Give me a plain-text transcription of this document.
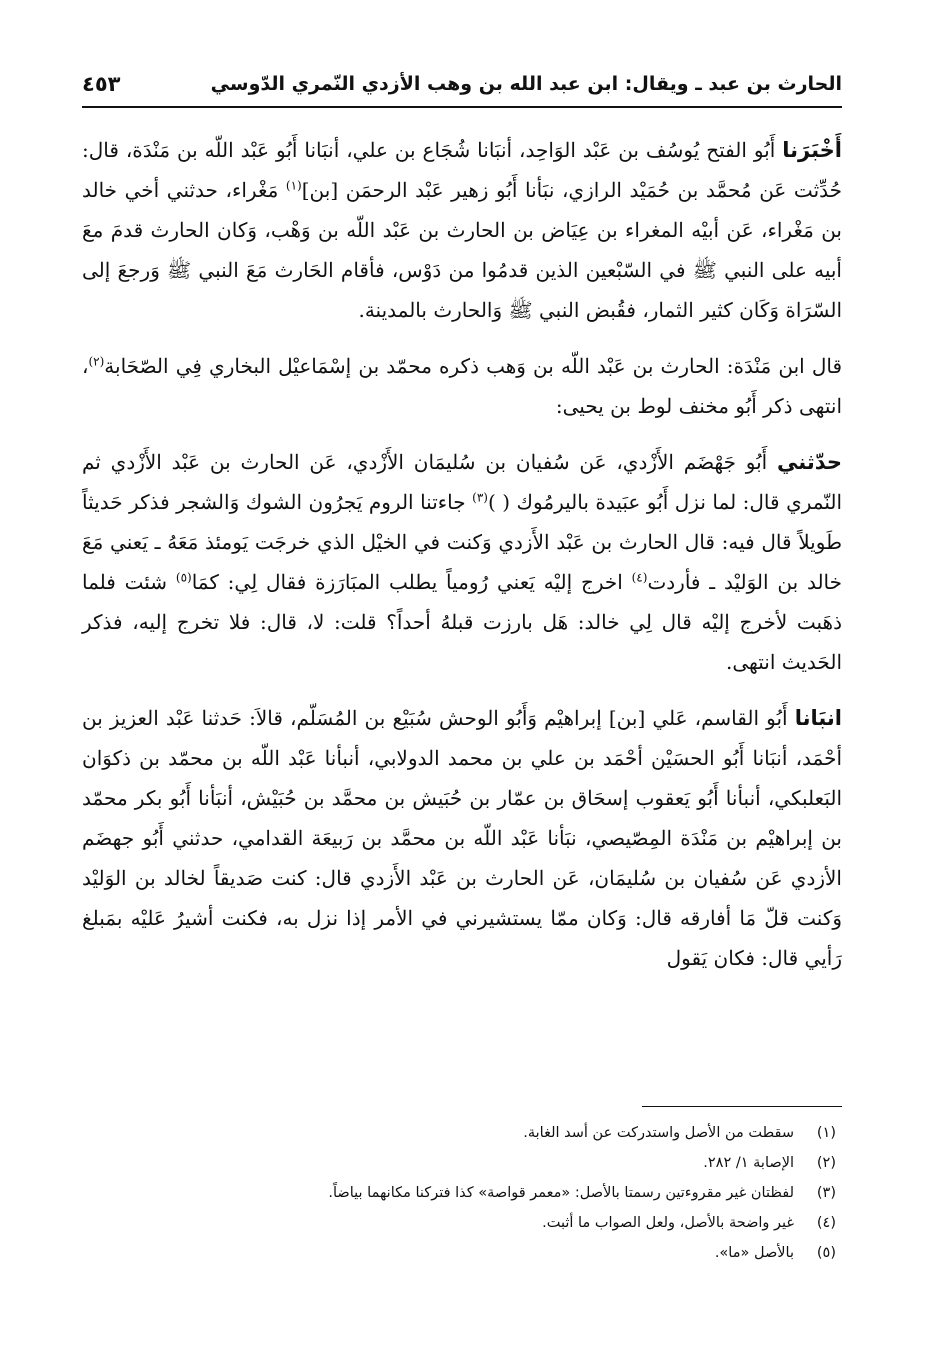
الحارث بن عبد ـ ويقال: ابن عبد الله بن وهب الأزدي النّمري الدّوسي
٤٥٣

أَخْبَرَنا أَبُو الفتح يُوسُف بن عَبْد الوَاحِد، أنبَانا شُجَاع بن علي، أنبَانا أَبُو عَبْد اللّه بن مَنْدَة، قال: حُدِّثت عَن مُحمَّد بن حُمَيْد الرازي، نبَأنا أَبُو زهير عَبْد الرحمَن [بن]$^{(١)}$ مَغْراء، حدثني أخي خالد بن مَغْراء، عَن أبيْه المغراء بن عِيَاض بن الحارث بن عَبْد اللّه بن وَهْب، وَكان الحارث قدمَ معَ أبيه على النبي ﷺ في السّبْعين الذين قدمُوا من دَوْس، فأقام الحَارث مَعَ النبي ﷺ وَرجعَ إلى السّرَاة وَكَان كثير الثمار، فقُبض النبي ﷺ وَالحارث بالمدينة.

قال ابن مَنْدَة: الحارث بن عَبْد اللّه بن وَهب ذكره محمّد بن إسْمَاعيْل البخاري فِي الصّحَابة$^{(٢)}$، انتهى ذكر أَبُو مخنف لوط بن يحيى:

حدّثني أَبُو جَهْضَم الأَزْدي، عَن سُفيان بن سُليمَان الأَزْدي، عَن الحارث بن عَبْد الأَزْدي ثم النّمري قال: لما نزل أَبُو عبَيدة باليرمُوك ( )$^{(٣)}$ جاءتنا الروم يَجرُون الشوك وَالشجر فذكر حَديثاً طَويلاً قال فيه: قال الحارث بن عَبْد الأَزدي وَكنت في الخيْل الذي خرجَت يَومئذ مَعَهُ ـ يَعني مَعَ خالد بن الوَليْد ـ فأردت$^{(٤)}$ اخرج إليْه يَعني رُومياً يطلب المبَارَزة فقال لِي: كمَا$^{(٥)}$ شئت فلما ذهَبت لأخرج إليْه قال لِي خالد: هَل بارزت قبلهُ أحداً؟ قلت: لا، قال: فلا تخرج إليه، فذكر الحَديث انتهى.

انبَانا أَبُو القاسم، عَلي [بن] إبراهيْم وَأَبُو الوحش سُبَيْع بن المُسَلّم، قالاَ: حَدثنا عَبْد العزيز بن أحْمَد، أنبَانا أَبُو الحسَيْن أحْمَد بن علي بن محمد الدولابي، أنبأنا عَبْد اللّه بن محمّد بن ذكوَان البَعلبكي، أنبأنا أَبُو يَعقوب إسحَاق بن عمّار بن حُبَيش بن محمَّد بن حُبَيْش، أنبَأنا أَبُو بكر محمّد بن إبراهيْم بن مَنْدَة المِصّيصي، نبَأنا عَبْد اللّه بن محمَّد بن رَبيعَة القدامي، حدثني أَبُو جهضَم الأزدي عَن سُفيان بن سُليمَان، عَن الحارث بن عَبْد الأَزدي قال: كنت صَديقاً لخالد بن الوَليْد وَكنت قلّ مَا أفارقه قال: وَكان ممّا يستشيرني في الأمر إذا نزل به، فكنت أشيرُ عَليْه بمَبلغ رَأيي قال: فكان يَقول

(١)
سقطت من الأصل واستدركت عن أسد الغابة.
(٢)
الإصابة ١/ ٢٨٢.
(٣)
لفظتان غير مقروءتين رسمتا بالأصل: «معمر قواصة» كذا فتركنا مكانهما بياضاً.
(٤)
غير واضحة بالأصل، ولعل الصواب ما أثبت.
(٥)
بالأصل «ما».
